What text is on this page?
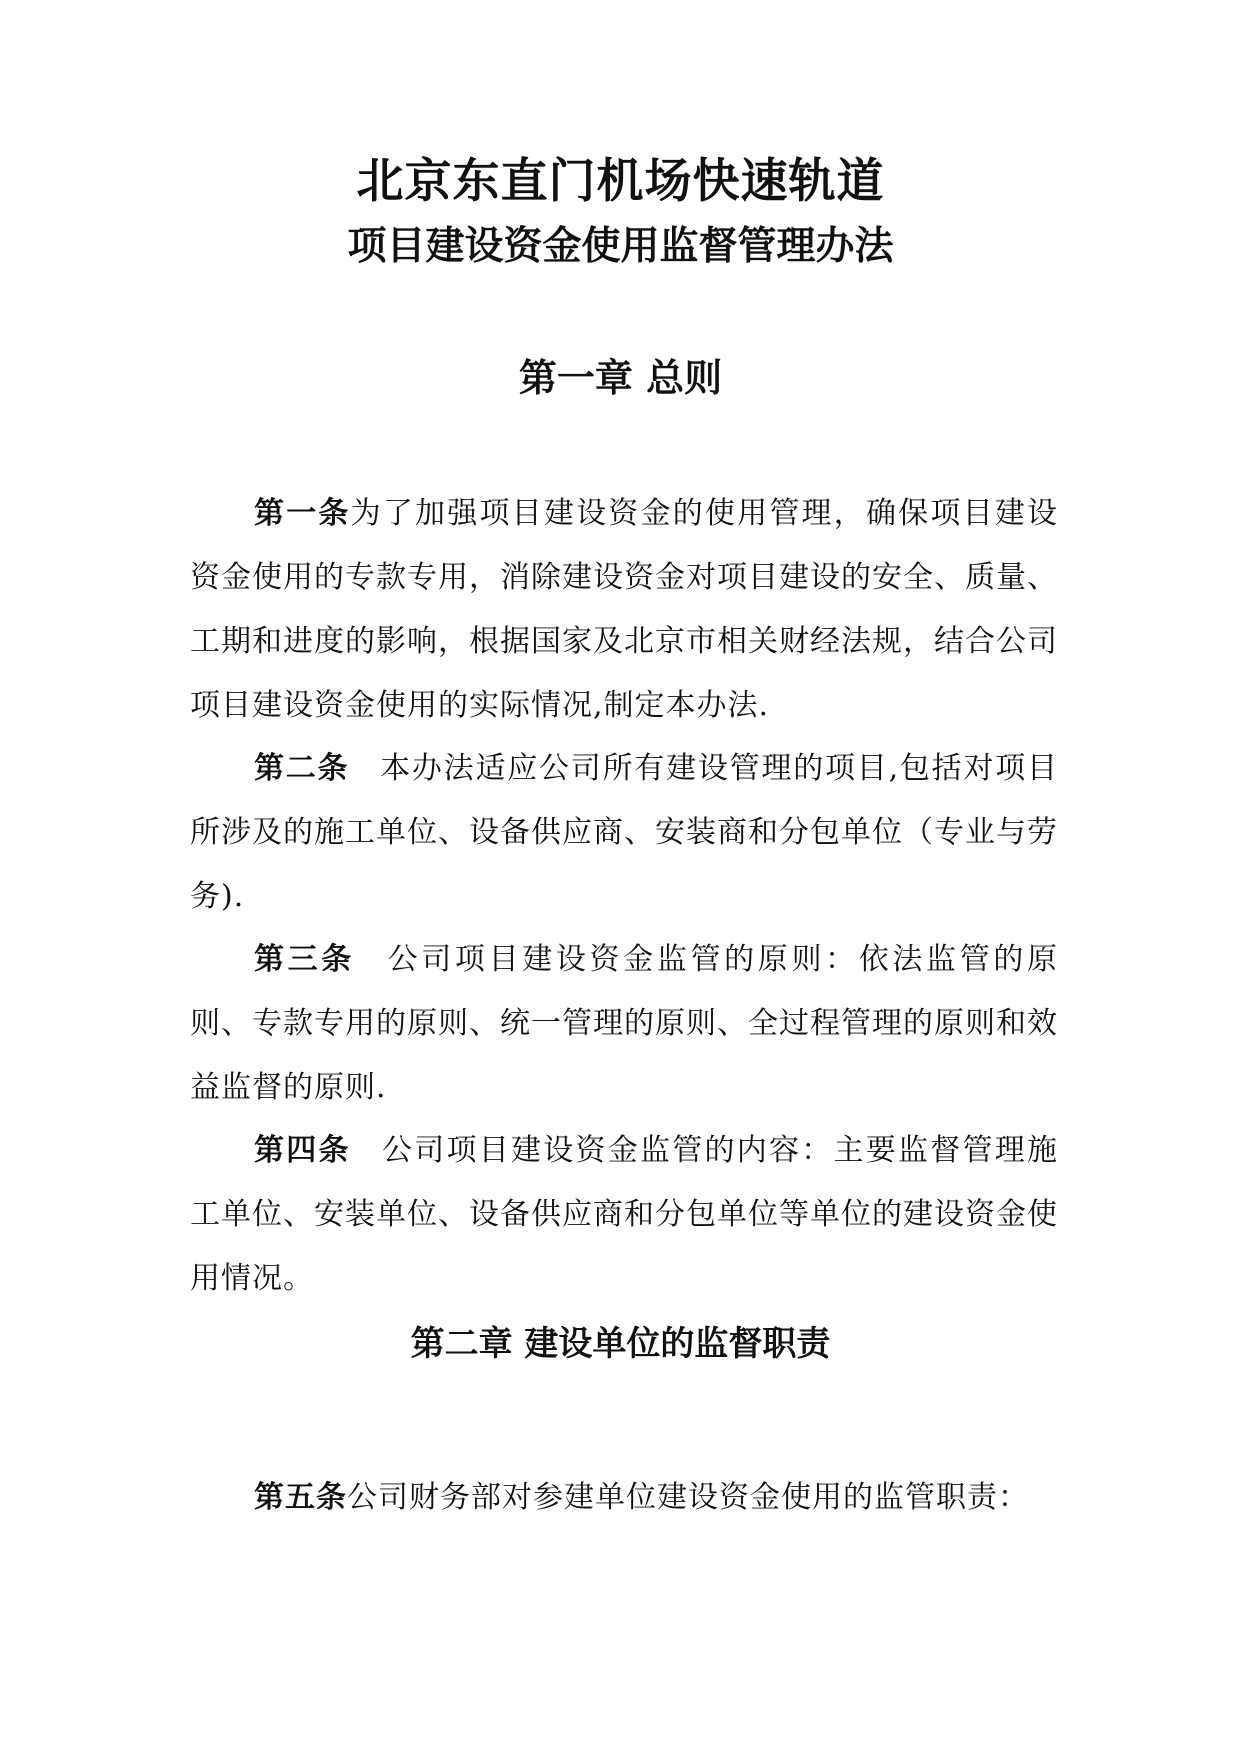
北京东直门机场快速轨道
项目建设资金使用监督管理办法
第一章 总则
第一条为了加强项目建设资金的使用管理，确保项目建设资金使用的专款专用，消除建设资金对项目建设的安全、质量、工期和进度的影响，根据国家及北京市相关财经法规，结合公司项目建设资金使用的实际情况,制定本办法.
第二条 本办法适应公司所有建设管理的项目,包括对项目所涉及的施工单位、设备供应商、安装商和分包单位（专业与劳务).
第三条 公司项目建设资金监管的原则：依法监管的原则、专款专用的原则、统一管理的原则、全过程管理的原则和效益监督的原则.
第四条 公司项目建设资金监管的内容：主要监督管理施工单位、安装单位、设备供应商和分包单位等单位的建设资金使用情况。
第二章 建设单位的监督职责
第五条公司财务部对参建单位建设资金使用的监管职责：
